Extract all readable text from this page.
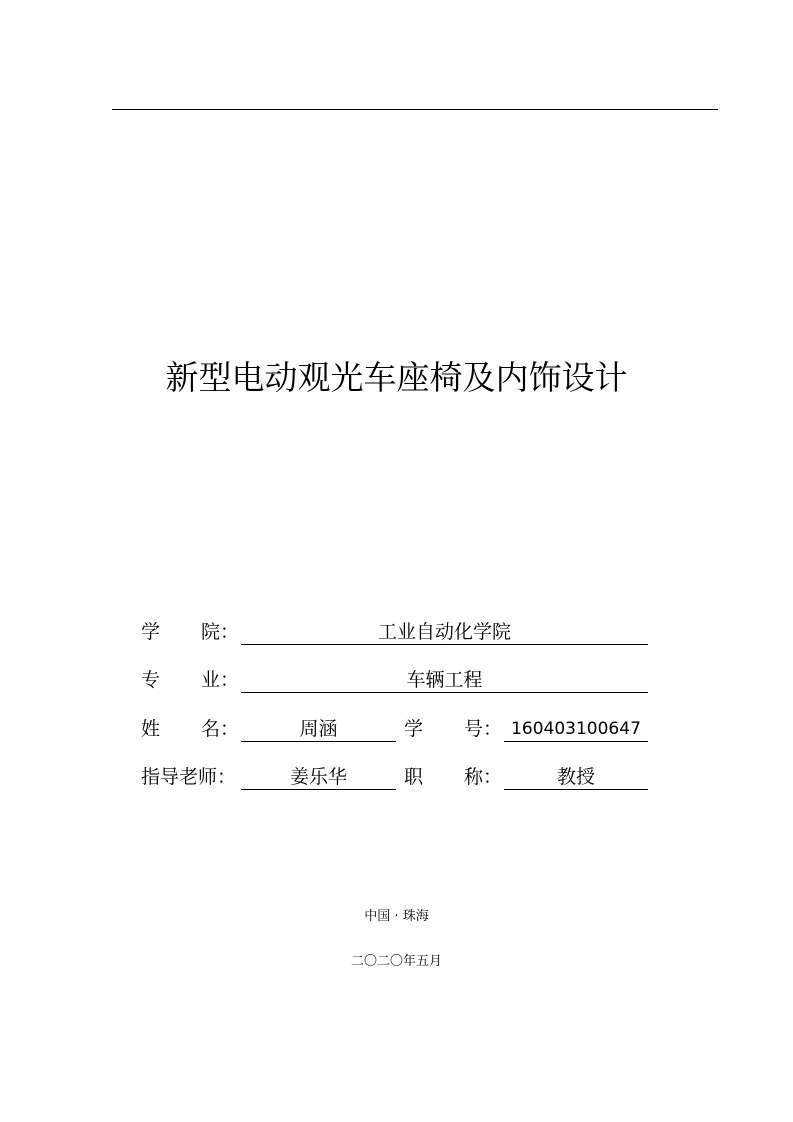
新型电动观光车座椅及内饰设计
学 院：	工业自动化学院
专 业：	车辆工程
姓 名：	周涵	学 号： 160403100647
指导老师：	姜乐华	职 称：	教授
中国 · 珠海
二〇二〇年五月
